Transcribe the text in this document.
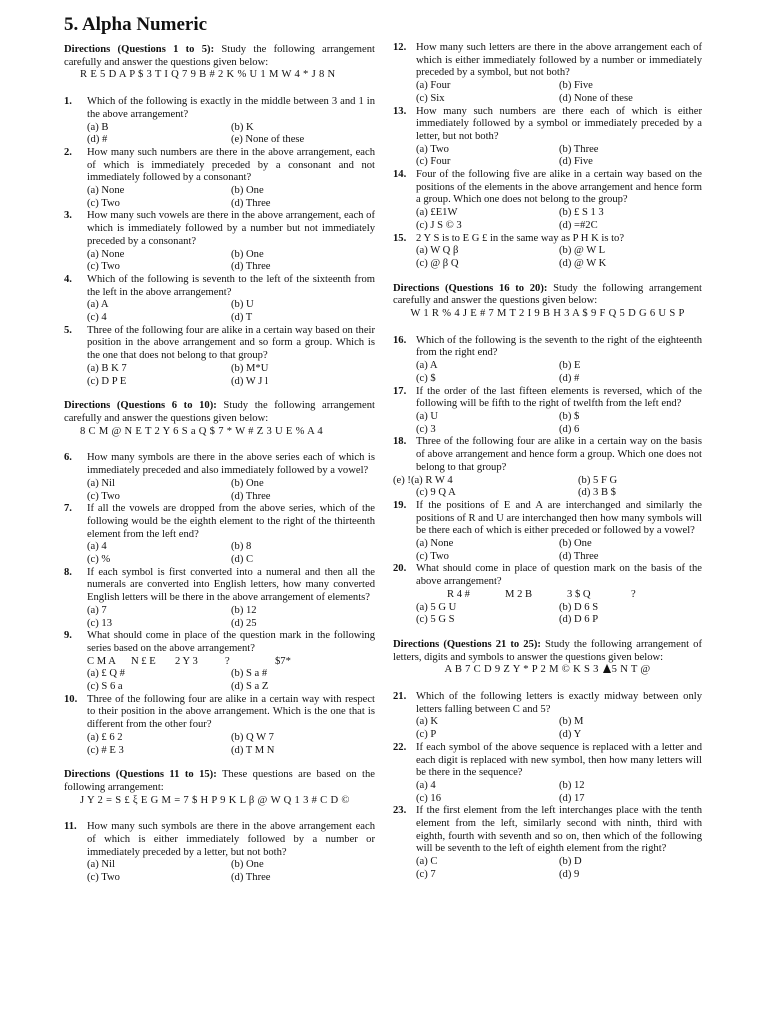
5. Alpha Numeric
Directions (Questions 1 to 5): Study the following arrangement carefully and answer the questions given below:
R E 5 D A P $ 3 T I Q 7 9 B # 2 K % U 1 M W 4 * J 8 N
1. Which of the following is exactly in the middle between 3 and 1 in the above arrangement?
(a) B	(b) K
(d) #	(e) None of these
2. How many such numbers are there in the above arrangement, each of which is immediately preceded by a consonant and not immediately followed by a consonant?
(a) None	(b) One
(c) Two	(d) Three
3. How many such vowels are there in the above arrangement, each of which is immediately followed by a number but not immediately preceded by a consonant?
(a) None	(b) One
(c) Two	(d) Three
4. Which of the following is seventh to the left of the sixteenth from the left in the above arrangement?
(a) A	(b) U
(c) 4	(d) T
5. Three of the following four are alike in a certain way based on their position in the above arrangement and so form a group. Which is the one that does not belong to that group?
(a) B K 7	(b) M*U
(c) D P E	(d) W J l
Directions (Questions 6 to 10): Study the following arrangement carefully and answer the questions given below:
8 C M @ N E T 2 Y 6 S a Q $ 7 * W # Z 3 U E % A 4
6. How many symbols are there in the above series each of which is immediately preceded and also immediately followed by a vowel?
(a) Nil	(b) One
(c) Two	(d) Three
7. If all the vowels are dropped from the above series, which of the following would be the eighth element to the right of the thirteenth element from the left end?
(a) 4	(b) 8
(c) %	(d) C
8. If each symbol is first converted into a numeral and then all the numerals are converted into English letters, how many converted English letters will be there in the above arrangement of elements?
(a) 7	(b) 12
(c) 13	(d) 25
9. What should come in place of the question mark in the following series based on the above arrangement?
C M A	N £ E	2 Y 3	?	$7*
(a) £ Q #	(b) S a #
(c) S 6 a	(d) S a Z
10. Three of the following four are alike in a certain way with respect to their position in the above arrangement. Which is the one that is different from the other four?
(a) £ 6 2	(b) Q W 7
(c) # E 3	(d) T M N
Directions (Questions 11 to 15): These questions are based on the following arrangement:
J Y 2 = S £ ξ E G M = 7 $ H P 9 K L β @ W Q 1 3 # C D ©
11. How many such symbols are there in the above arrangement each of which is either immediately followed by a number or immediately preceded by a letter, but not both?
(a) Nil	(b) One
(c) Two	(d) Three
12. How many such letters are there in the above arrangement each of which is either immediately followed by a number or immediately preceded by a symbol, but not both?
(a) Four	(b) Five
(c) Six	(d) None of these
13. How many such numbers are there each of which is either immediately followed by a symbol or immediately preceded by a letter, but not both?
(a) Two	(b) Three
(c) Four	(d) Five
14. Four of the following five are alike in a certain way based on the positions of the elements in the above arrangement and hence form a group. Which one does not belong to the group?
(a) £E1W	(b) £ S 1 3
(c) J S © 3	(d) =#2C
15. 2 Y S is to E G £ in the same way as P H K is to?
(a) W Q β	(b) @ W L
(c) @ β Q	(d) @ W K
Directions (Questions 16 to 20): Study the following arrangement carefully and answer the questions given below:
W 1 R % 4 J E # 7 M T 2 I 9 B H 3 A $ 9 F Q 5 D G 6 U S P
16. Which of the following is the seventh to the right of the eighteenth from the right end?
(a) A	(b) E
(c) $	(d) #
17. If the order of the last fifteen elements is reversed, which of the following will be fifth to the right of twelfth from the left end?
(a) U	(b) $
(c) 3	(d) 6
18. Three of the following four are alike in a certain way on the basis of above arrangement and hence form a group. Which one does not belong to that group?
(e) !(a) R W 4	(b) 5 F G
(c) 9 Q A	(d) 3 B $
19. If the positions of E and A are interchanged and similarly the positions of R and U are interchanged then how many symbols will be there each of which is either preceded or followed by a vowel?
(a) None	(b) One
(c) Two	(d) Three
20. What should come in place of question mark on the basis of the above arrangement?
R 4 #	M 2 B	3 $ Q	?
(a) 5 G U	(b) D 6 S
(c) 5 G S	(d) D 6 P
Directions (Questions 21 to 25): Study the following arrangement of letters, digits and symbols to answer the questions given below:
A B 7 C D 9 Z Y * P 2 M © K S 3 5 N T @
21. Which of the following letters is exactly midway between only letters falling between C and 5?
(a) K	(b) M
(c) P	(d) Y
22. If each symbol of the above sequence is replaced with a letter and each digit is replaced with new symbol, then how many letters will be there in the sequence?
(a) 4	(b) 12
(c) 16	(d) 17
23. If the first element from the left interchanges place with the tenth element from the left, similarly second with ninth, third with eighth, fourth with seventh and so on, then which of the following will be seventh to the left of eighth element from the right?
(a) C	(b) D
(c) 7	(d) 9
